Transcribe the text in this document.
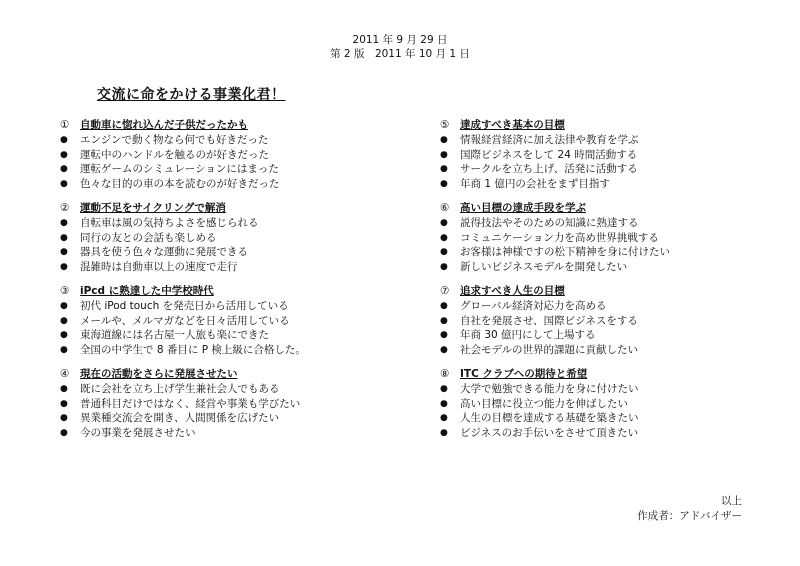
2011 年 9 月 29 日
第 2 版　2011 年 10 月 1 日
交流に命をかける事業化君！
①	自動車に惚れ込んだ子供だったかも
●	エンジンで動く物なら何でも好きだった
●	運転中のハンドルを触るのが好きだった
●	運転ゲームのシミュレーションにはまった
●	色々な目的の車の本を読むのが好きだった
②	運動不足をサイクリングで解消
●	自転車は風の気持ちよさを感じられる
●	同行の友との会話も楽しめる
●	器具を使う色々な運動に発展できる
●	混雑時は自動車以上の速度で走行
③	iPcd に熟達した中学校時代
●	初代 iPod touch を発売日から活用している
●	メールや、メルマガなどを日々活用している
●	東海道線には名古屋一人旅も楽にできた
●	全国の中学生で 8 番目に P 検上級に合格した。
④	現在の活動をさらに発展させたい
●	既に会社を立ち上げ学生兼社会人でもある
●	普通科目だけではなく、経営や事業も学びたい
●	異業種交流会を開き、人間関係を広げたい
●	今の事業を発展させたい
⑤	達成すべき基本の目標
●	情報経営経済に加え法律や教育を学ぶ
●	国際ビジネスをして 24 時間活動する
●	サークルを立ち上げ、活発に活動する
●	年商 1 億円の会社をまず目指す
⑥	高い目標の達成手段を学ぶ
●	説得技法やそのための知識に熟達する
●	コミュニケーション力を高め世界挑戦する
●	お客様は神様ですの松下精神を身に付けたい
●	新しいビジネスモデルを開発したい
⑦	追求すべき人生の目標
●	グローバル経済対応力を高める
●	自社を発展させ、国際ビジネスをする
●	年商 30 億円にして上場する
●	社会モデルの世界的課題に貢献したい
⑧	ITC クラブへの期待と希望
●	大学で勉強できる能力を身に付けたい
●	高い目標に役立つ能力を伸ばしたい
●	人生の目標を達成する基礎を築きたい
●	ビジネスのお手伝いをさせて頂きたい
以上
作成者：アドバイザー
